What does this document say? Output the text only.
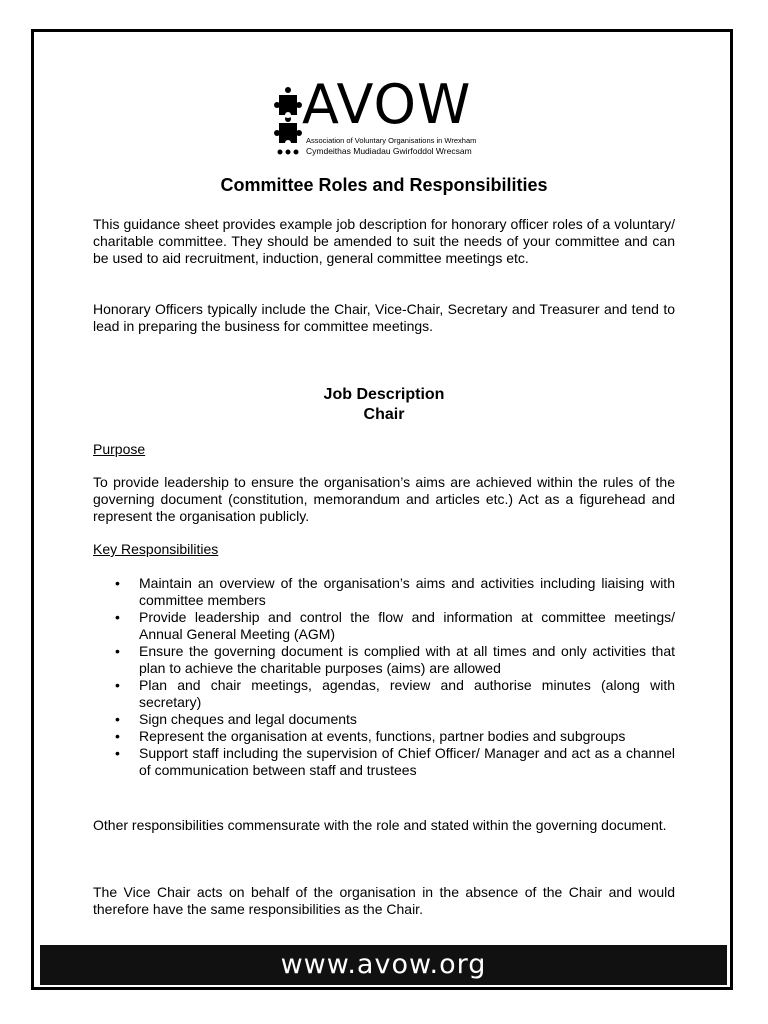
AVOW
Association of Voluntary Organisations in Wrexham
Cymdeithas Mudiadau Gwirfoddol Wrecsam
Committee Roles and Responsibilities

This guidance sheet provides example job description for honorary officer roles of a voluntary/ charitable committee. They should be amended to suit the needs of your committee and can be used to aid recruitment, induction, general committee meetings etc.

Honorary Officers typically include the Chair, Vice-Chair, Secretary and Treasurer and tend to lead in preparing the business for committee meetings.

Job Description
Chair
Purpose

To provide leadership to ensure the organisation’s aims are achieved within the rules of the governing document (constitution, memorandum and articles etc.) Act as a figurehead and represent the organisation publicly.

Key Responsibilities
• Maintain an overview of the organisation’s aims and activities including liaising with committee members
• Provide leadership and control the flow and information at committee meetings/ Annual General Meeting (AGM)
• Ensure the governing document is complied with at all times and only activities that plan to achieve the charitable purposes (aims) are allowed
• Plan and chair meetings, agendas, review and authorise minutes (along with secretary)
• Sign cheques and legal documents
• Represent the organisation at events, functions, partner bodies and subgroups
• Support staff including the supervision of Chief Officer/ Manager and act as a channel of communication between staff and trustees

Other responsibilities commensurate with the role and stated within the governing document.

The Vice Chair acts on behalf of the organisation in the absence of the Chair and would therefore have the same responsibilities as the Chair.

www.avow.org
